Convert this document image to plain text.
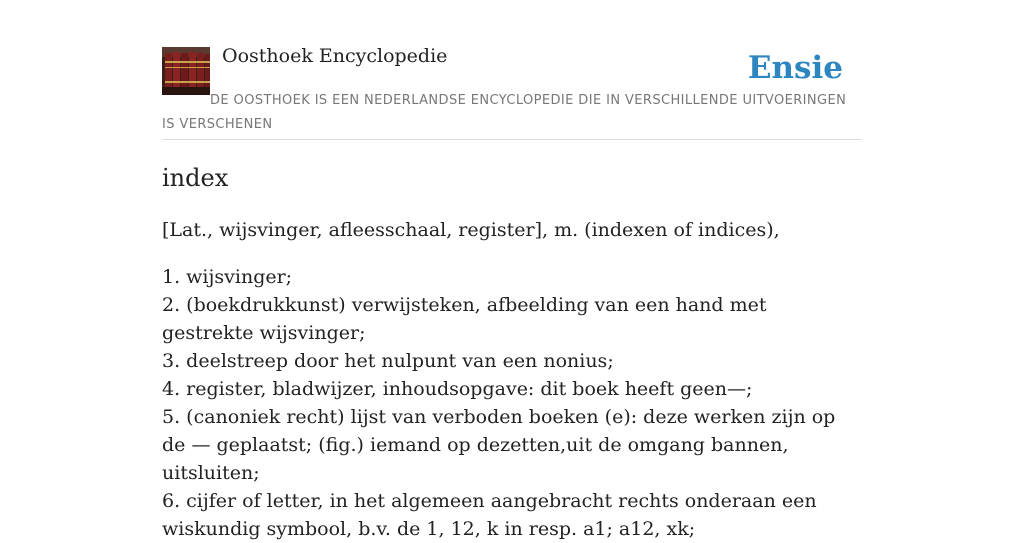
Oosthoek Encyclopedie	Ensie
DE OOSTHOEK IS EEN NEDERLANDSE ENCYCLOPEDIE DIE IN VERSCHILLENDE UITVOERINGEN IS VERSCHENEN
index

[Lat., wijsvinger, afleesschaal, register], m. (indexen of indices),

1. wijsvinger;
2. (boekdrukkunst) verwijsteken, afbeelding van een hand met gestrekte wijsvinger;
3. deelstreep door het nulpunt van een nonius;
4. register, bladwijzer, inhoudsopgave: dit boek heeft geen—;
5. (canoniek recht) lijst van verboden boeken (e): deze werken zijn op de — geplaatst; (fig.) iemand op dezetten,uit de omgang bannen, uitsluiten;
6. cijfer of letter, in het algemeen aangebracht rechts onderaan een wiskundig symbool, b.v. de 1, 12, k in resp. a1; a12, xk;
